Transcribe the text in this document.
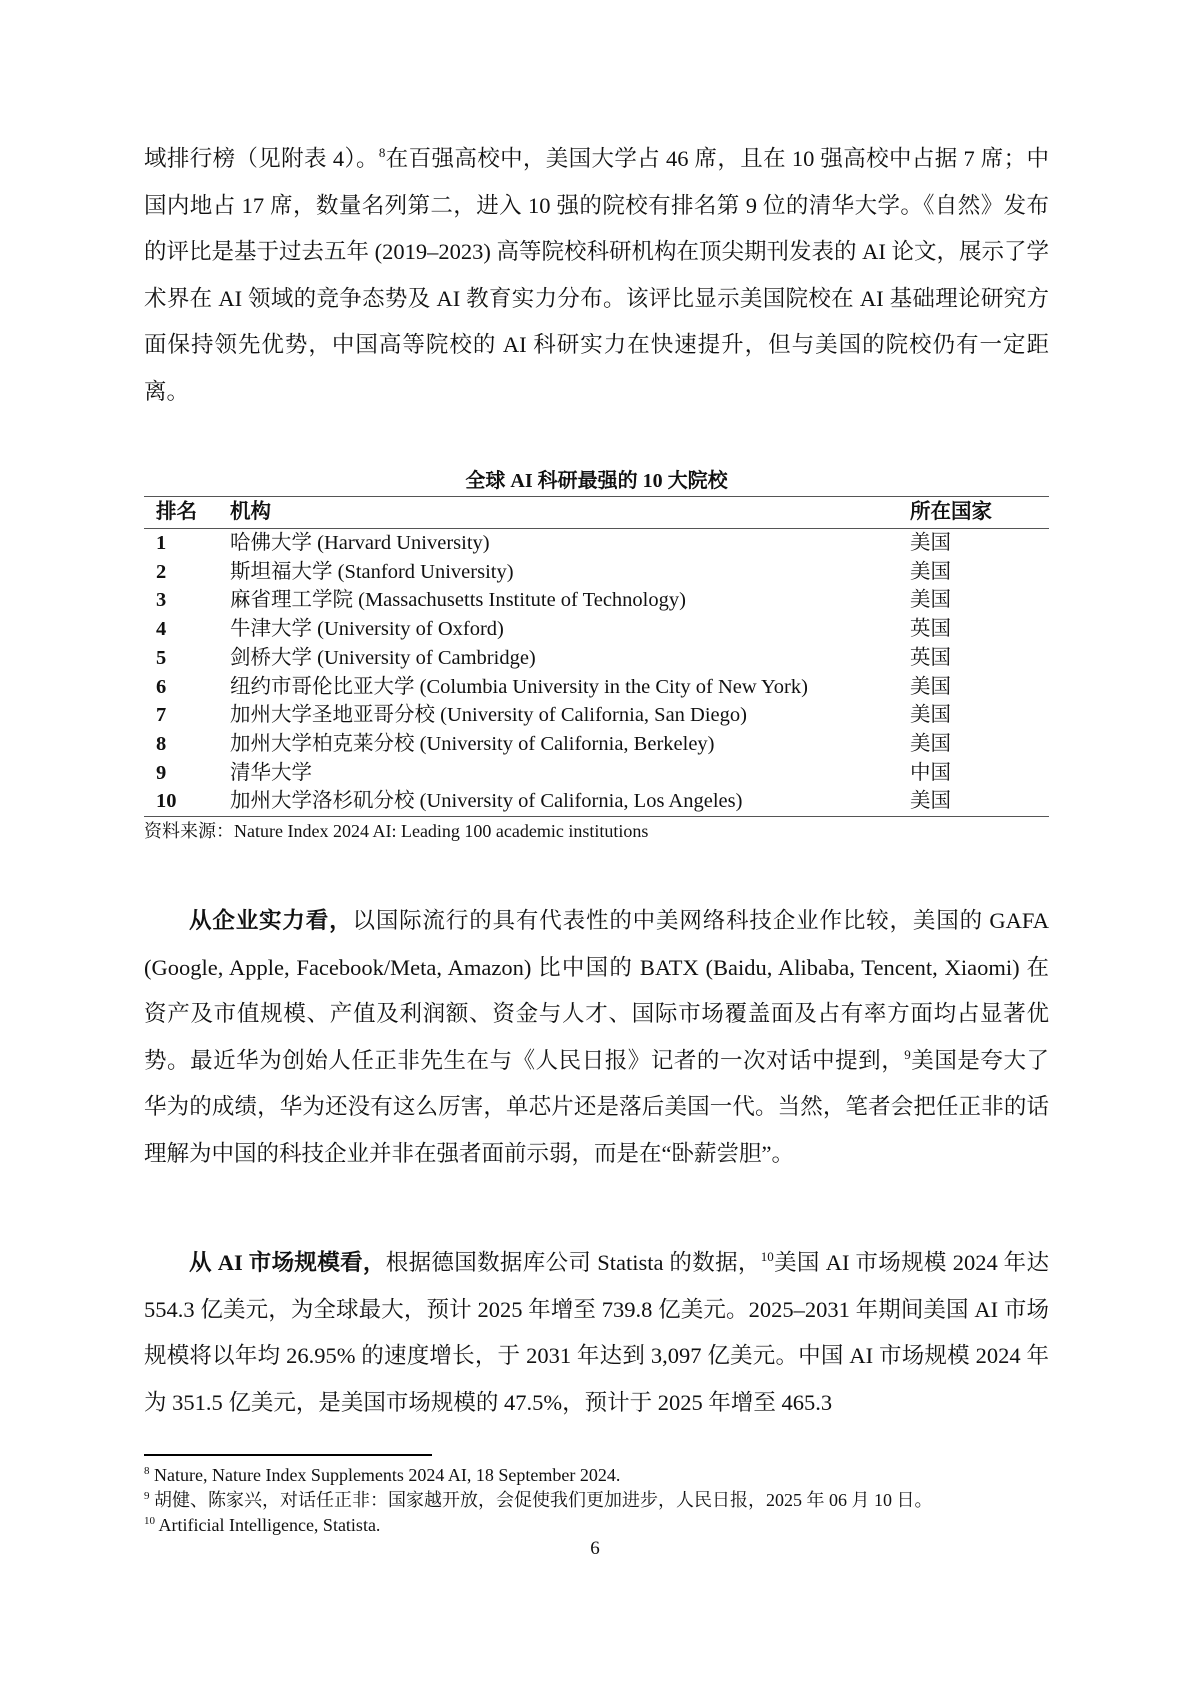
域排行榜（见附表 4）。$^8$在百强高校中，美国大学占 46 席，且在 10 强高校中占据 7 席；中国内地占 17 席，数量名列第二，进入 10 强的院校有排名第 9 位的清华大学。《自然》发布的评比是基于过去五年 (2019–2023) 高等院校科研机构在顶尖期刊发表的 AI 论文，展示了学术界在 AI 领域的竞争态势及 AI 教育实力分布。该评比显示美国院校在 AI 基础理论研究方面保持领先优势，中国高等院校的 AI 科研实力在快速提升，但与美国的院校仍有一定距离。

全球 AI 科研最强的 10 大院校
排名	机构	所在国家
1	哈佛大学 (Harvard University)	美国
2	斯坦福大学 (Stanford University)	美国
3	麻省理工学院 (Massachusetts Institute of Technology)	美国
4	牛津大学 (University of Oxford)	英国
5	剑桥大学 (University of Cambridge)	英国
6	纽约市哥伦比亚大学 (Columbia University in the City of New York)	美国
7	加州大学圣地亚哥分校 (University of California, San Diego)	美国
8	加州大学柏克莱分校 (University of California, Berkeley)	美国
9	清华大学	中国
10	加州大学洛杉矶分校 (University of California, Los Angeles)	美国
资料来源：Nature Index 2024 AI: Leading 100 academic institutions

从企业实力看，以国际流行的具有代表性的中美网络科技企业作比较，美国的 GAFA (Google, Apple, Facebook/Meta, Amazon) 比中国的 BATX (Baidu, Alibaba, Tencent, Xiaomi) 在资产及市值规模、产值及利润额、资金与人才、国际市场覆盖面及占有率方面均占显著优势。最近华为创始人任正非先生在与《人民日报》记者的一次对话中提到，$^9$美国是夸大了华为的成绩，华为还没有这么厉害，单芯片还是落后美国一代。当然，笔者会把任正非的话理解为中国的科技企业并非在强者面前示弱，而是在“卧薪尝胆”。

从 AI 市场规模看，根据德国数据库公司 Statista 的数据，$^{10}$美国 AI 市场规模 2024 年达 554.3 亿美元，为全球最大，预计 2025 年增至 739.8 亿美元。2025–2031 年期间美国 AI 市场规模将以年均 26.95% 的速度增长，于 2031 年达到 3,097 亿美元。中国 AI 市场规模 2024 年为 351.5 亿美元，是美国市场规模的 47.5%，预计于 2025 年增至 465.3

$^8$ Nature, Nature Index Supplements 2024 AI, 18 September 2024.
$^9$ 胡健、陈家兴，对话任正非：国家越开放，会促使我们更加进步，人民日报，2025 年 06 月 10 日。
$^{10}$ Artificial Intelligence, Statista.
6
